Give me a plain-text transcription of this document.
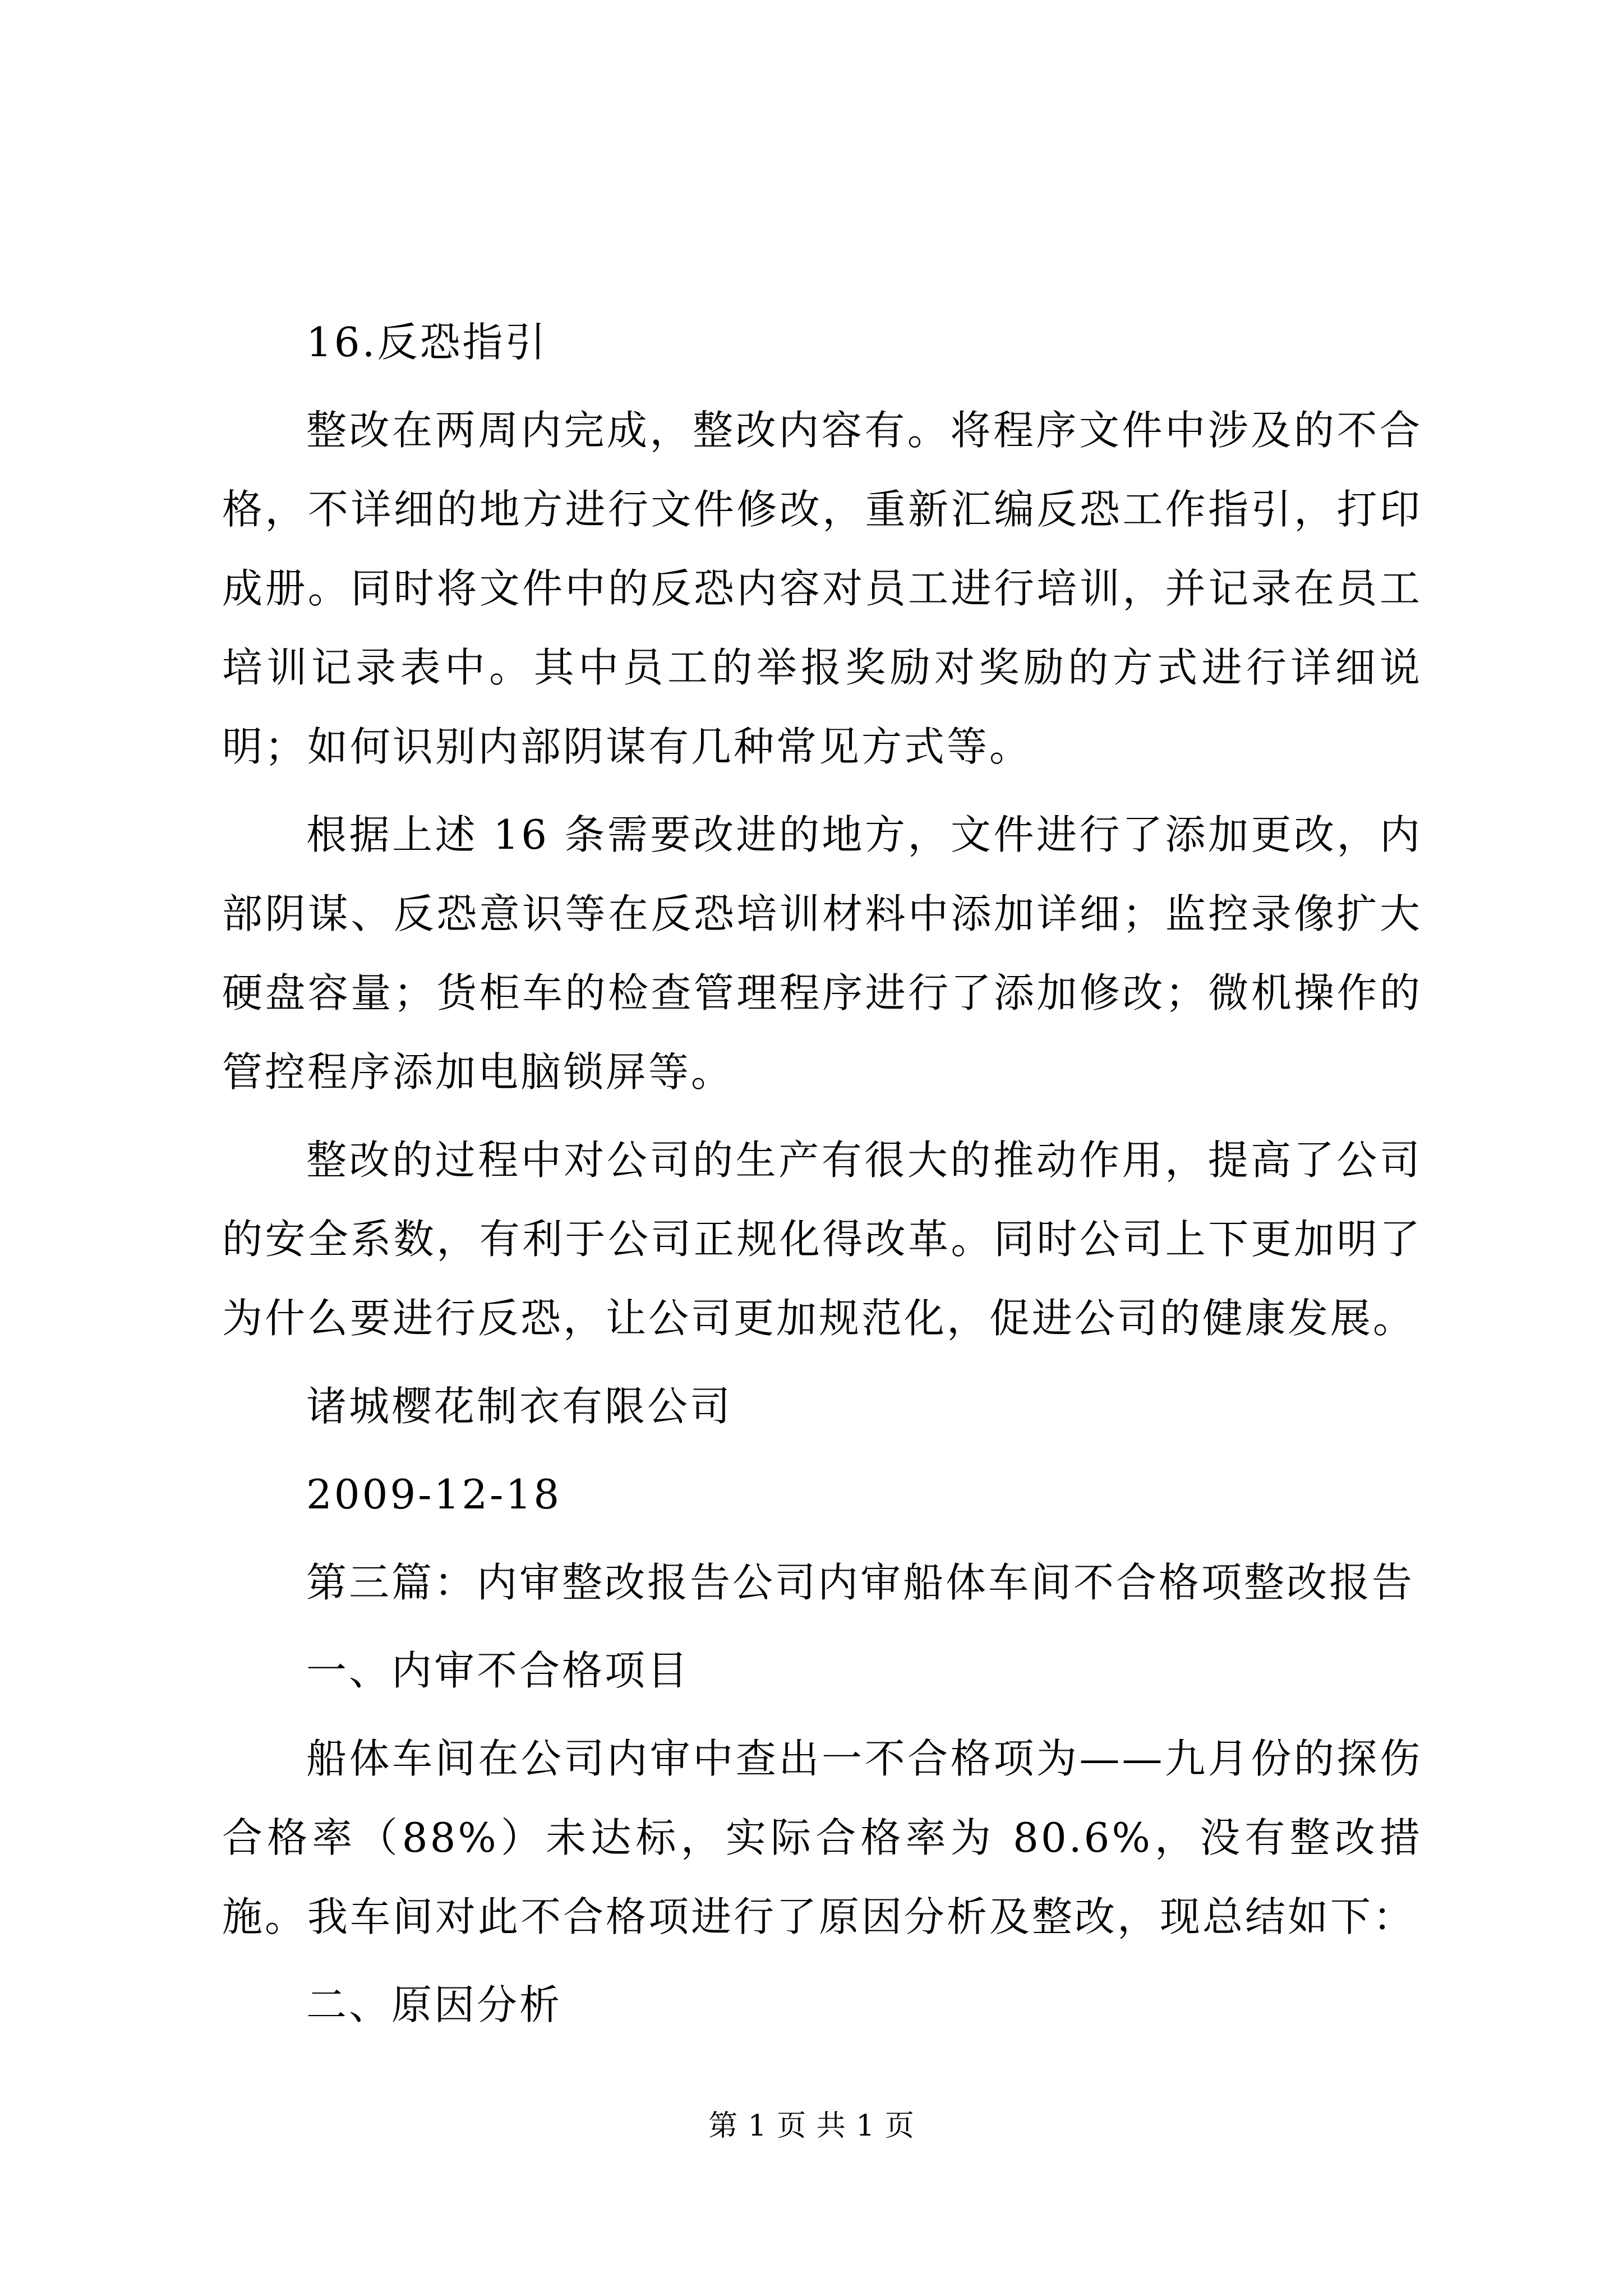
16.反恐指引

整改在两周内完成，整改内容有。将程序文件中涉及的不合格，不详细的地方进行文件修改，重新汇编反恐工作指引，打印成册。同时将文件中的反恐内容对员工进行培训，并记录在员工培训记录表中。其中员工的举报奖励对奖励的方式进行详细说明；如何识别内部阴谋有几种常见方式等。

根据上述 16 条需要改进的地方，文件进行了添加更改，内部阴谋、反恐意识等在反恐培训材料中添加详细；监控录像扩大硬盘容量；货柜车的检查管理程序进行了添加修改；微机操作的管控程序添加电脑锁屏等。

整改的过程中对公司的生产有很大的推动作用，提高了公司的安全系数，有利于公司正规化得改革。同时公司上下更加明了为什么要进行反恐，让公司更加规范化，促进公司的健康发展。

诸城樱花制衣有限公司

2009-12-18

第三篇：内审整改报告公司内审船体车间不合格项整改报告

一、内审不合格项目

船体车间在公司内审中查出一不合格项为——九月份的探伤合格率（88%）未达标，实际合格率为 80.6%，没有整改措施。我车间对此不合格项进行了原因分析及整改，现总结如下：

二、原因分析

第 1 页 共 1 页
